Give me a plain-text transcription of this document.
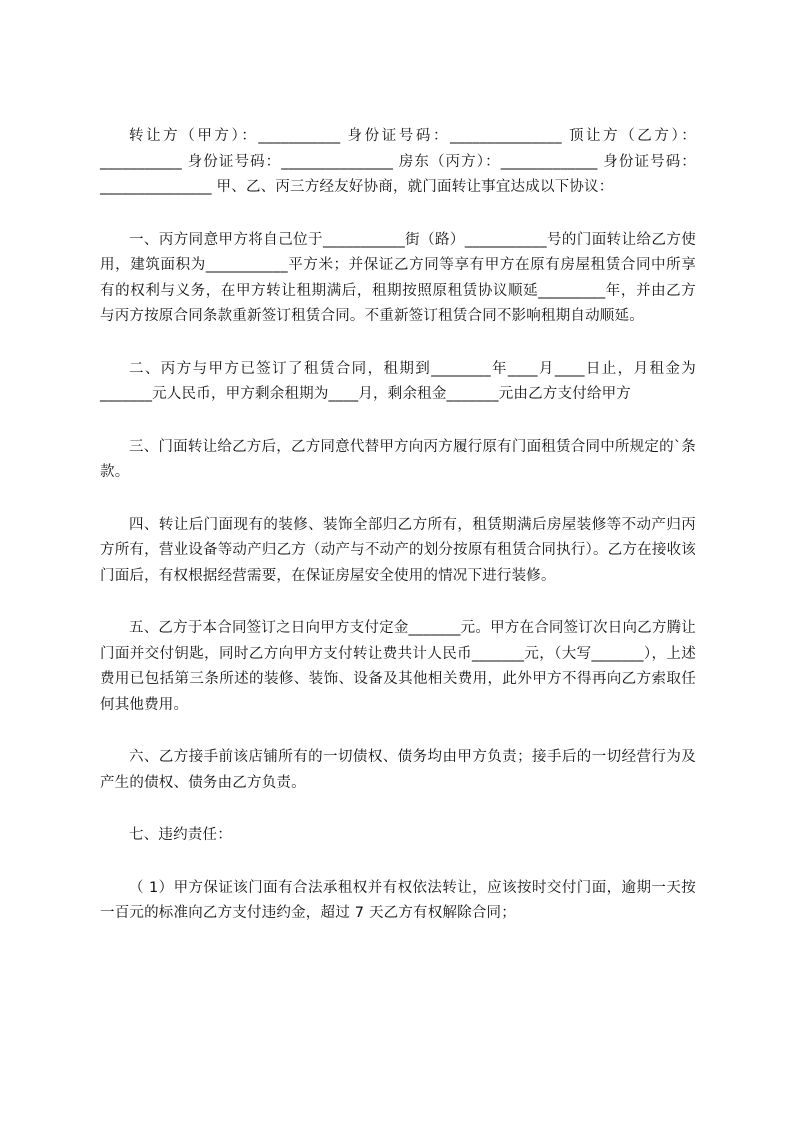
转让方（甲方）：___________ 身份证号码：_______________ 顶让方（乙方）：___________ 身份证号码：_______________ 房东（丙方）：_____________ 身份证号码：_______________ 甲、乙、丙三方经友好协商，就门面转让事宜达成以下协议：

一、丙方同意甲方将自己位于___________街（路）___________号的门面转让给乙方使用，建筑面积为___________平方米；并保证乙方同等享有甲方在原有房屋租赁合同中所享有的权利与义务，在甲方转让租期满后，租期按照原租赁协议顺延_________年，并由乙方与丙方按原合同条款重新签订租赁合同。不重新签订租赁合同不影响租期自动顺延。

二、丙方与甲方已签订了租赁合同，租期到________年____月____日止，月租金为_______元人民币，甲方剩余租期为____月，剩余租金_______元由乙方支付给甲方

三、门面转让给乙方后，乙方同意代替甲方向丙方履行原有门面租赁合同中所规定的`条款。

四、转让后门面现有的装修、装饰全部归乙方所有，租赁期满后房屋装修等不动产归丙方所有，营业设备等动产归乙方（动产与不动产的划分按原有租赁合同执行）。乙方在接收该门面后，有权根据经营需要，在保证房屋安全使用的情况下进行装修。

五、乙方于本合同签订之日向甲方支付定金_______元。甲方在合同签订次日向乙方腾让门面并交付钥匙，同时乙方向甲方支付转让费共计人民币_______元，（大写_______），上述费用已包括第三条所述的装修、装饰、设备及其他相关费用，此外甲方不得再向乙方索取任何其他费用。

六、乙方接手前该店铺所有的一切债权、债务均由甲方负责；接手后的一切经营行为及产生的债权、债务由乙方负责。

七、违约责任：

（ 1）甲方保证该门面有合法承租权并有权依法转让，应该按时交付门面，逾期一天按一百元的标准向乙方支付违约金，超过 7 天乙方有权解除合同；
